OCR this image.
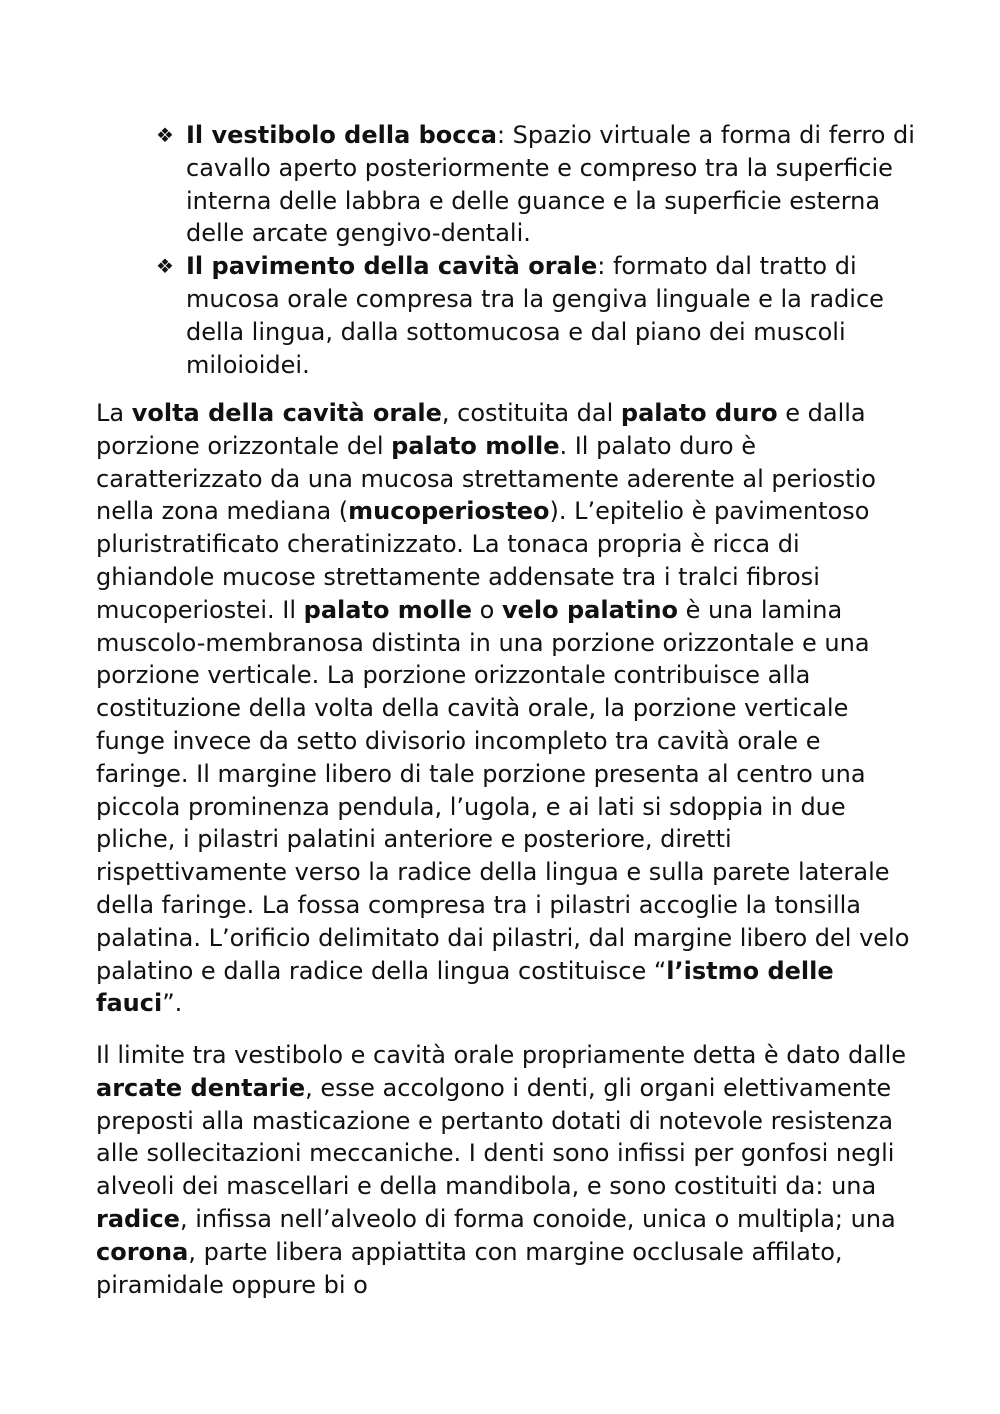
❖ Il vestibolo della bocca: Spazio virtuale a forma di ferro di cavallo aperto posteriormente e compreso tra la superficie interna delle labbra e delle guance e la superficie esterna delle arcate gengivo-dentali.
❖ Il pavimento della cavità orale: formato dal tratto di mucosa orale compresa tra la gengiva linguale e la radice della lingua, dalla sottomucosa e dal piano dei muscoli miloioidei.

La volta della cavità orale, costituita dal palato duro e dalla porzione orizzontale del palato molle. Il palato duro è caratterizzato da una mucosa strettamente aderente al periostio nella zona mediana (mucoperiosteo). L’epitelio è pavimentoso pluristratificato cheratinizzato. La tonaca propria è ricca di ghiandole mucose strettamente addensate tra i tralci fibrosi mucoperiostei. Il palato molle o velo palatino è una lamina muscolo-membranosa distinta in una porzione orizzontale e una porzione verticale. La porzione orizzontale contribuisce alla costituzione della volta della cavità orale, la porzione verticale funge invece da setto divisorio incompleto tra cavità orale e faringe. Il margine libero di tale porzione presenta al centro una piccola prominenza pendula, l’ugola, e ai lati si sdoppia in due pliche, i pilastri palatini anteriore e posteriore, diretti rispettivamente verso la radice della lingua e sulla parete laterale della faringe. La fossa compresa tra i pilastri accoglie la tonsilla palatina. L’orificio delimitato dai pilastri, dal margine libero del velo palatino e dalla radice della lingua costituisce “l’istmo delle fauci”.

Il limite tra vestibolo e cavità orale propriamente detta è dato dalle arcate dentarie, esse accolgono i denti, gli organi elettivamente preposti alla masticazione e pertanto dotati di notevole resistenza alle sollecitazioni meccaniche. I denti sono infissi per gonfosi negli alveoli dei mascellari e della mandibola, e sono costituiti da: una radice, infissa nell’alveolo di forma conoide, unica o multipla; una corona, parte libera appiattita con margine occlusale affilato, piramidale oppure bi o
